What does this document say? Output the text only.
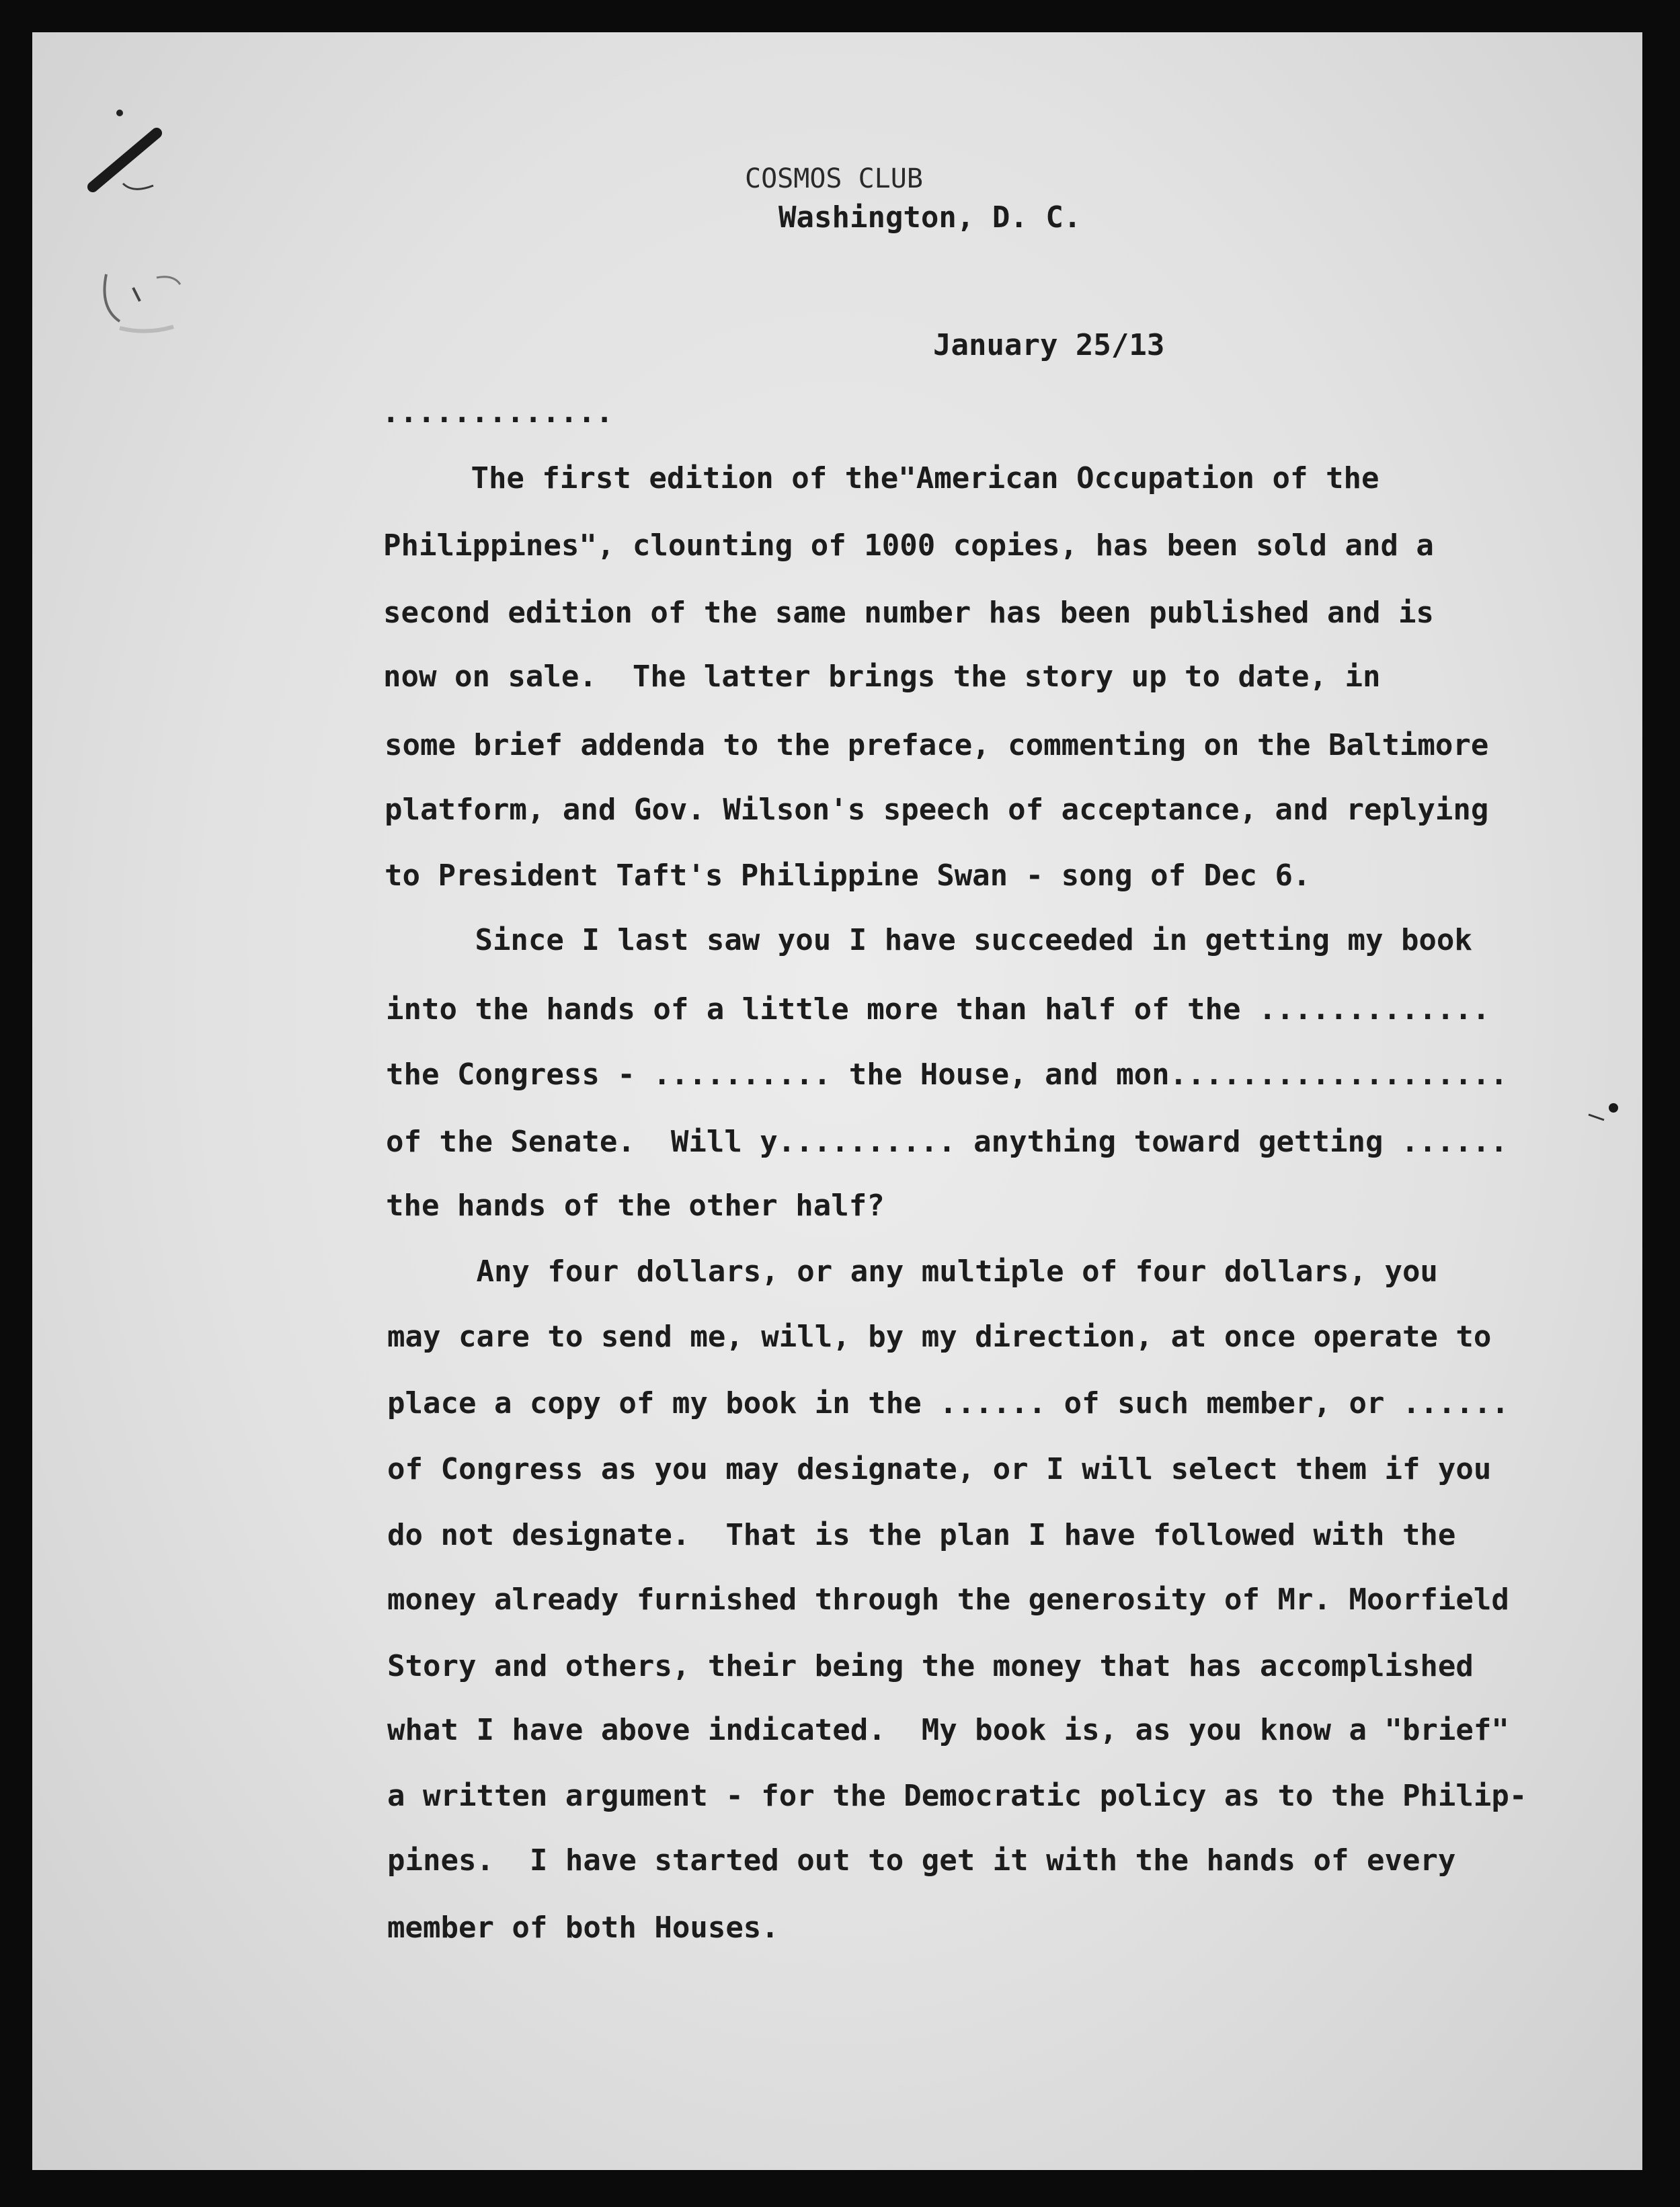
COSMOS CLUB
Washington, D. C.
January 25/13
.............
The first edition of the"American Occupation of the
Philippines", clounting of 1000 copies, has been sold and a
second edition of the same number has been published and is
now on sale.  The latter brings the story up to date, in
some brief addenda to the preface, commenting on the Baltimore
platform, and Gov. Wilson's speech of acceptance, and replying
to President Taft's Philippine Swan - song of Dec 6.
Since I last saw you I have succeeded in getting my book
into the hands of a little more than half of the .............
the Congress - .......... the House, and mon...................
of the Senate.  Will y.......... anything toward getting ......
the hands of the other half?
Any four dollars, or any multiple of four dollars, you
may care to send me, will, by my direction, at once operate to
place a copy of my book in the ...... of such member, or ......
of Congress as you may designate, or I will select them if you
do not designate.  That is the plan I have followed with the
money already furnished through the generosity of Mr. Moorfield
Story and others, their being the money that has accomplished
what I have above indicated.  My book is, as you know a "brief"
a written argument - for the Democratic policy as to the Philip-
pines.  I have started out to get it with the hands of every
member of both Houses.
